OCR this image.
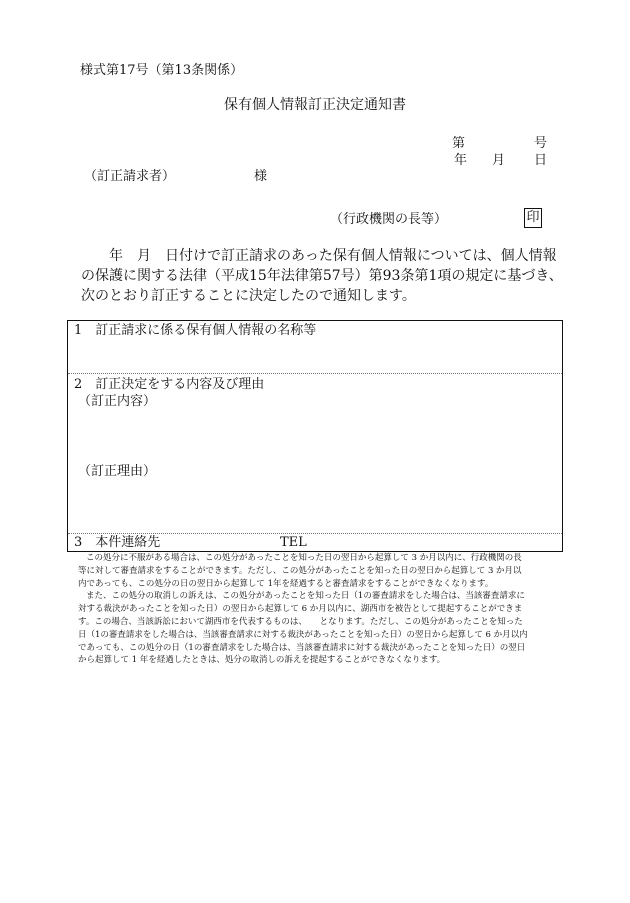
様式第17号（第13条関係）
保有個人情報訂正決定通知書
第	号
年 月 日
（訂正請求者）	様
（行政機関の長等）	印
　　年　月　日付けで訂正請求のあった保有個人情報については、個人情報
の保護に関する法律（平成15年法律第57号）第93条第1項の規定に基づき、
次のとおり訂正することに決定したので通知します。
1　訂正請求に係る保有個人情報の名称等
2　訂正決定をする内容及び理由
（訂正内容）
（訂正理由）
3　本件連絡先	TEL
この処分に不服がある場合は、この処分があったことを知った日の翌日から起算して 3 か月以内に、行政機関の長
等に対して審査請求をすることができます。ただし、この処分があったことを知った日の翌日から起算して 3 か月以
内であっても、この処分の日の翌日から起算して 1年を経過すると審査請求をすることができなくなります。
また、この処分の取消しの訴えは、この処分があったことを知った日（1の審査請求をした場合は、当該審査請求に
対する裁決があったことを知った日）の翌日から起算して 6 か月以内に、湖西市を被告として提起することができま
す。この場合、当該訴訟において湖西市を代表するものは、　　となります。ただし、この処分があったことを知った
日（1の審査請求をした場合は、当該審査請求に対する裁決があったことを知った日）の翌日から起算して 6 か月以内
であっても、この処分の日（1の審査請求をした場合は、当該審査請求に対する裁決があったことを知った日）の翌日
から起算して 1 年を経過したときは、処分の取消しの訴えを提起することができなくなります。
